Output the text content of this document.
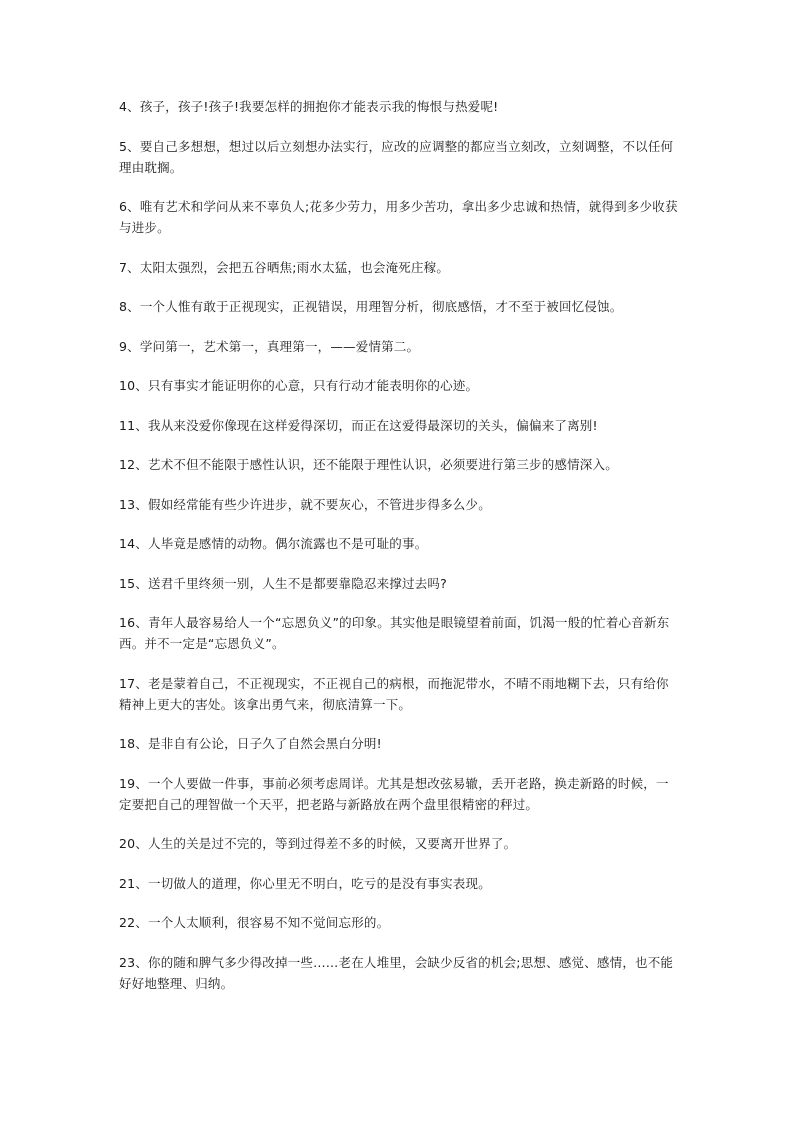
4、孩子，孩子!孩子!我要怎样的拥抱你才能表示我的悔恨与热爱呢!

5、要自己多想想，想过以后立刻想办法实行，应改的应调整的都应当立刻改，立刻调整，不以任何理由耽搁。

6、唯有艺术和学问从来不辜负人;花多少劳力，用多少苦功，拿出多少忠诚和热情，就得到多少收获与进步。

7、太阳太强烈，会把五谷晒焦;雨水太猛，也会淹死庄稼。

8、一个人惟有敢于正视现实，正视错误，用理智分析，彻底感悟，才不至于被回忆侵蚀。

9、学问第一，艺术第一，真理第一，——爱情第二。

10、只有事实才能证明你的心意，只有行动才能表明你的心迹。

11、我从来没爱你像现在这样爱得深切，而正在这爱得最深切的关头，偏偏来了离别!

12、艺术不但不能限于感性认识，还不能限于理性认识，必须要进行第三步的感情深入。

13、假如经常能有些少许进步，就不要灰心，不管进步得多么少。

14、人毕竟是感情的动物。偶尔流露也不是可耻的事。

15、送君千里终须一别，人生不是都要靠隐忍来撑过去吗?

16、青年人最容易给人一个“忘恩负义”的印象。其实他是眼镜望着前面，饥渴一般的忙着心音新东西。并不一定是“忘恩负义”。

17、老是蒙着自己，不正视现实，不正视自己的病根，而拖泥带水，不晴不雨地糊下去，只有给你精神上更大的害处。该拿出勇气来，彻底清算一下。

18、是非自有公论，日子久了自然会黑白分明!

19、一个人要做一件事，事前必须考虑周详。尤其是想改弦易辙，丢开老路，换走新路的时候，一定要把自己的理智做一个天平，把老路与新路放在两个盘里很精密的秤过。

20、人生的关是过不完的，等到过得差不多的时候，又要离开世界了。

21、一切做人的道理，你心里无不明白，吃亏的是没有事实表现。

22、一个人太顺利，很容易不知不觉间忘形的。

23、你的随和脾气多少得改掉一些……老在人堆里，会缺少反省的机会;思想、感觉、感情，也不能好好地整理、归纳。
